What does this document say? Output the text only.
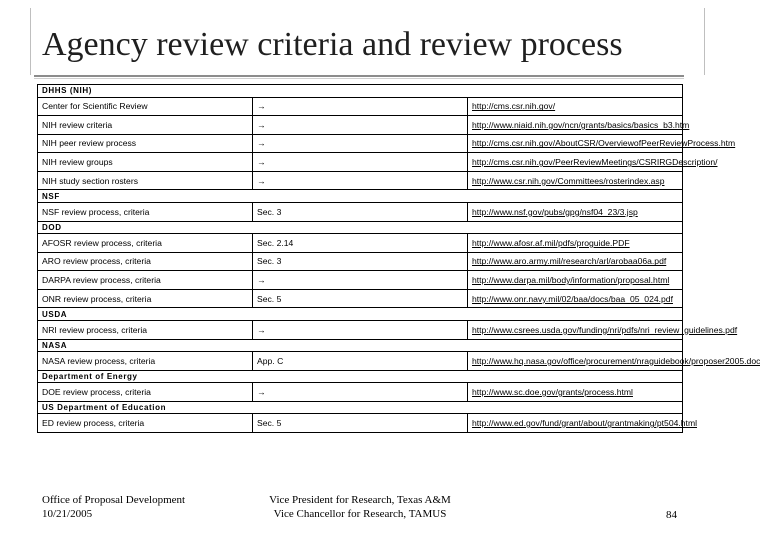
Agency review criteria and review process
DHHS (NIH)		
Center for Scientific Review	→	http://cms.csr.nih.gov/
NIH review criteria	→	http://www.niaid.nih.gov/ncn/grants/basics/basics_b3.htm
NIH peer review process	→	http://cms.csr.nih.gov/AboutCSR/OverviewofPeerReviewProcess.htm
NIH review groups	→	http://cms.csr.nih.gov/PeerReviewMeetings/CSRIRGDescription/
NIH study section rosters	→	http://www.csr.nih.gov/Committees/rosterindex.asp
NSF		
NSF review process, criteria	Sec. 3	http://www.nsf.gov/pubs/gpg/nsf04_23/3.jsp
DOD		
AFOSR review process, criteria	Sec. 2.14	http://www.afosr.af.mil/pdfs/proguide.PDF
ARO review process, criteria	Sec. 3	http://www.aro.army.mil/research/arl/arobaa06a.pdf
DARPA review process, criteria	→	http://www.darpa.mil/body/information/proposal.html
ONR review process, criteria	Sec. 5	http://www.onr.navy.mil/02/baa/docs/baa_05_024.pdf
USDA		
NRI review process, criteria	→	http://www.csrees.usda.gov/funding/nri/pdfs/nri_review_guidelines.pdf
NASA		
NASA review process, criteria	App. C	http://www.hq.nasa.gov/office/procurement/nraguidebook/proposer2005.doc
Department of Energy		
DOE review process, criteria	→	http://www.sc.doe.gov/grants/process.html
US Department of Education		
ED review process, criteria	Sec. 5	http://www.ed.gov/fund/grant/about/grantmaking/pt504.html
Office of Proposal Development
10/21/2005
Vice President for Research, Texas A&M
Vice Chancellor for Research, TAMUS	84
